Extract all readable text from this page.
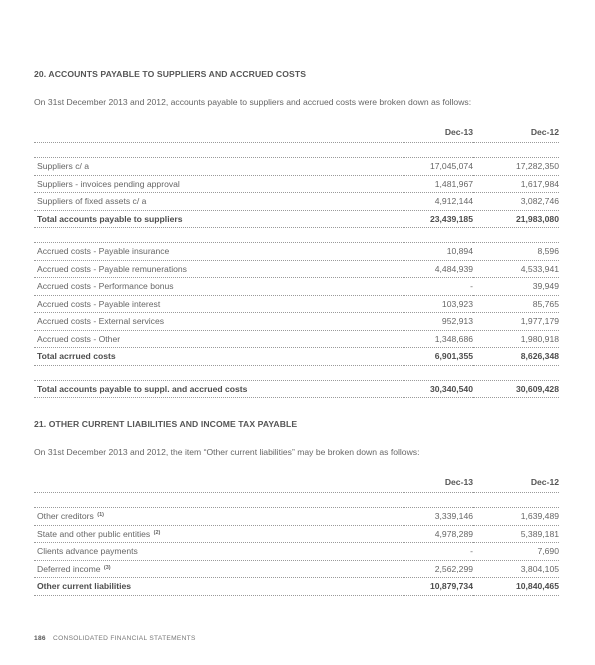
20. ACCOUNTS PAYABLE TO SUPPLIERS AND ACCRUED COSTS
On 31st December 2013 and 2012, accounts payable to suppliers and accrued costs were broken down as follows:
	Dec-13	Dec-12

Suppliers c/ a	17,045,074	17,282,350
Suppliers - invoices pending approval	1,481,967	1,617,984
Suppliers of fixed assets c/ a	4,912,144	3,082,746
Total accounts payable to suppliers	23,439,185	21,983,080

Accrued costs - Payable insurance	10,894	8,596
Accrued costs - Payable remunerations	4,484,939	4,533,941
Accrued costs - Performance bonus	-	39,949
Accrued costs - Payable interest	103,923	85,765
Accrued costs - External services	952,913	1,977,179
Accrued costs - Other	1,348,686	1,980,918
Total acrrued costs	6,901,355	8,626,348

Total accounts payable to suppl. and accrued costs	30,340,540	30,609,428
21. OTHER CURRENT LIABILITIES AND INCOME TAX PAYABLE
On 31st December 2013 and 2012, the item “Other current liabilities” may be broken down as follows:
	Dec-13	Dec-12

Other creditors $^{(1)}$	3,339,146	1,639,489
State and other public entities $^{(2)}$	4,978,289	5,389,181
Clients advance payments	-	7,690
Deferred income $^{(3)}$	2,562,299	3,804,105
Other current liabilities	10,879,734	10,840,465
186 CONSOLIDATED FINANCIAL STATEMENTS
